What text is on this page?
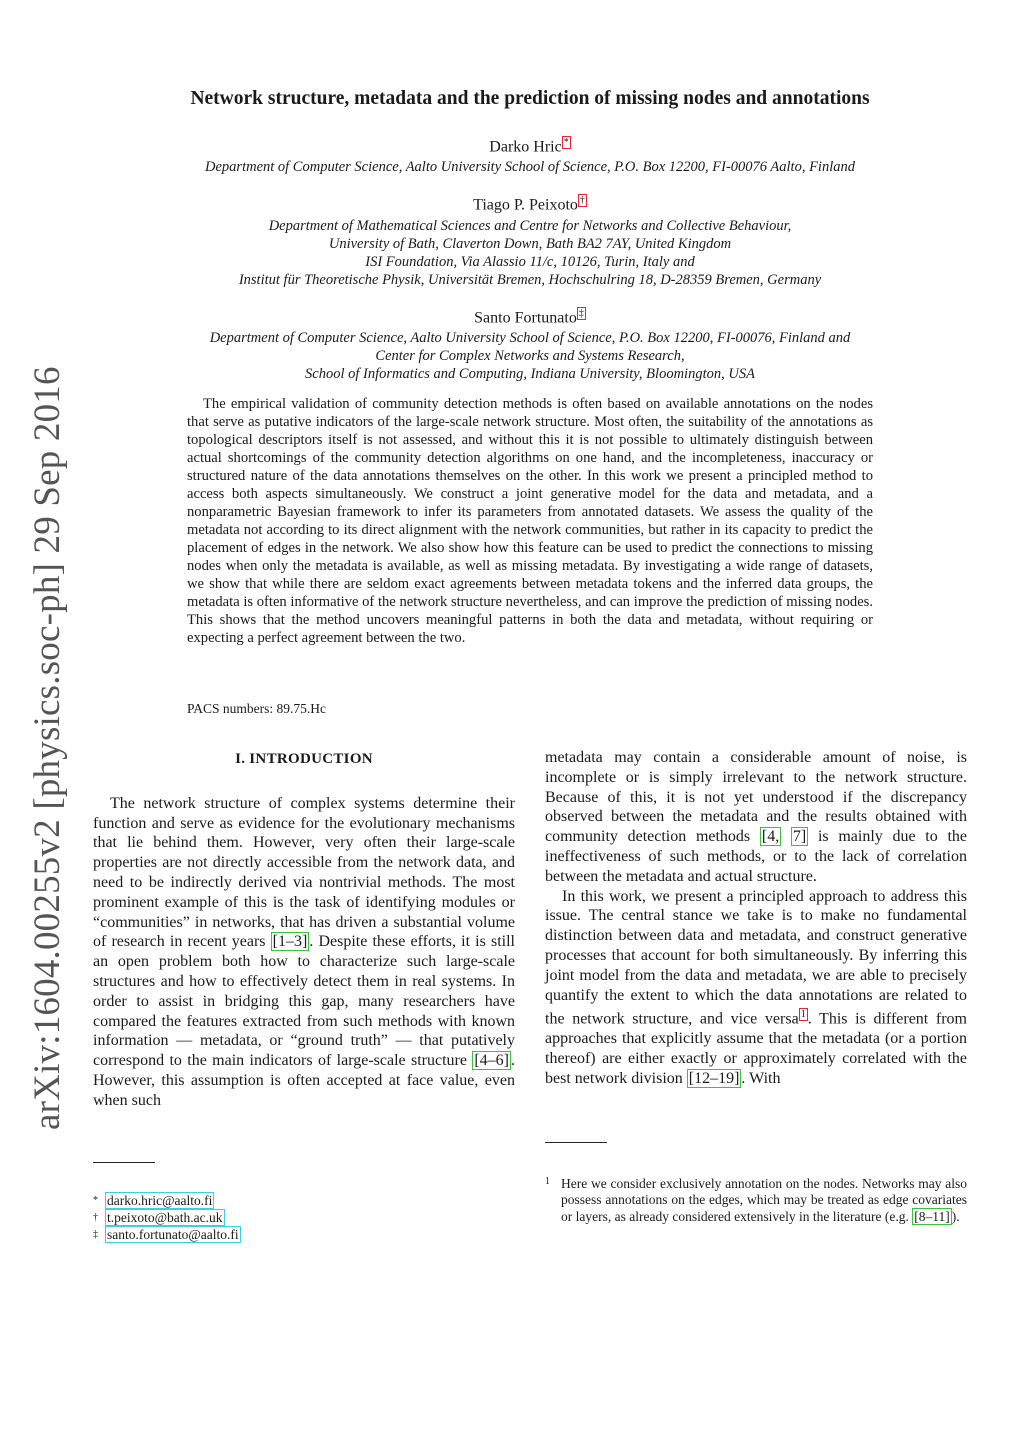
arXiv:1604.00255v2 [physics.soc-ph] 29 Sep 2016
Network structure, metadata and the prediction of missing nodes and annotations
Darko Hric *
Department of Computer Science, Aalto University School of Science, P.O. Box 12200, FI-00076 Aalto, Finland
Tiago P. Peixoto †
Department of Mathematical Sciences and Centre for Networks and Collective Behaviour,
University of Bath, Claverton Down, Bath BA2 7AY, United Kingdom
ISI Foundation, Via Alassio 11/c, 10126, Turin, Italy and
Institut für Theoretische Physik, Universität Bremen, Hochschulring 18, D-28359 Bremen, Germany
Santo Fortunato ‡
Department of Computer Science, Aalto University School of Science, P.O. Box 12200, FI-00076, Finland and
Center for Complex Networks and Systems Research,
School of Informatics and Computing, Indiana University, Bloomington, USA

The empirical validation of community detection methods is often based on available annotations on the nodes that serve as putative indicators of the large-scale network structure. Most often, the suitability of the annotations as topological descriptors itself is not assessed, and without this it is not possible to ultimately distinguish between actual shortcomings of the community detection algorithms on one hand, and the incompleteness, inaccuracy or structured nature of the data annotations themselves on the other. In this work we present a principled method to access both aspects simultaneously. We construct a joint generative model for the data and metadata, and a nonparametric Bayesian framework to infer its parameters from annotated datasets. We assess the quality of the metadata not according to its direct alignment with the network communities, but rather in its capacity to predict the placement of edges in the network. We also show how this feature can be used to predict the connections to missing nodes when only the metadata is available, as well as missing metadata. By investigating a wide range of datasets, we show that while there are seldom exact agreements between metadata tokens and the inferred data groups, the metadata is often informative of the network structure nevertheless, and can improve the prediction of missing nodes. This shows that the method uncovers meaningful patterns in both the data and metadata, without requiring or expecting a perfect agreement between the two.

PACS numbers: 89.75.Hc
I. INTRODUCTION

The network structure of complex systems determine their function and serve as evidence for the evolutionary mechanisms that lie behind them. However, very often their large-scale properties are not directly accessible from the network data, and need to be indirectly derived via nontrivial methods. The most prominent example of this is the task of identifying modules or “communities” in networks, that has driven a substantial volume of research in recent years [1–3] . Despite these efforts, it is still an open problem both how to characterize such large-scale structures and how to effectively detect them in real systems. In order to assist in bridging this gap, many researchers have compared the features extracted from such methods with known information — metadata, or “ground truth” — that putatively correspond to the main indicators of large-scale structure [4–6] . However, this assumption is often accepted at face value, even when such

metadata may contain a considerable amount of noise, is incomplete or is simply irrelevant to the network structure. Because of this, it is not yet understood if the discrepancy observed between the metadata and the results obtained with community detection methods [4, 7] is mainly due to the ineffectiveness of such methods, or to the lack of correlation between the metadata and actual structure.

In this work, we present a principled approach to address this issue. The central stance we take is to make no fundamental distinction between data and metadata, and construct generative processes that account for both simultaneously. By inferring this joint model from the data and metadata, we are able to precisely quantify the extent to which the data annotations are related to the network structure, and vice versa $^1$ . This is different from approaches that explicitly assume that the metadata (or a portion thereof) are either exactly or approximately correlated with the best network division [12–19] . With

* darko.hric@aalto.fi
† t.peixoto@bath.ac.uk
‡ santo.fortunato@aalto.fi
1 Here we consider exclusively annotation on the nodes. Networks may also possess annotations on the edges, which may be treated as edge covariates or layers, as already considered extensively in the literature (e.g. [8–11] ).
